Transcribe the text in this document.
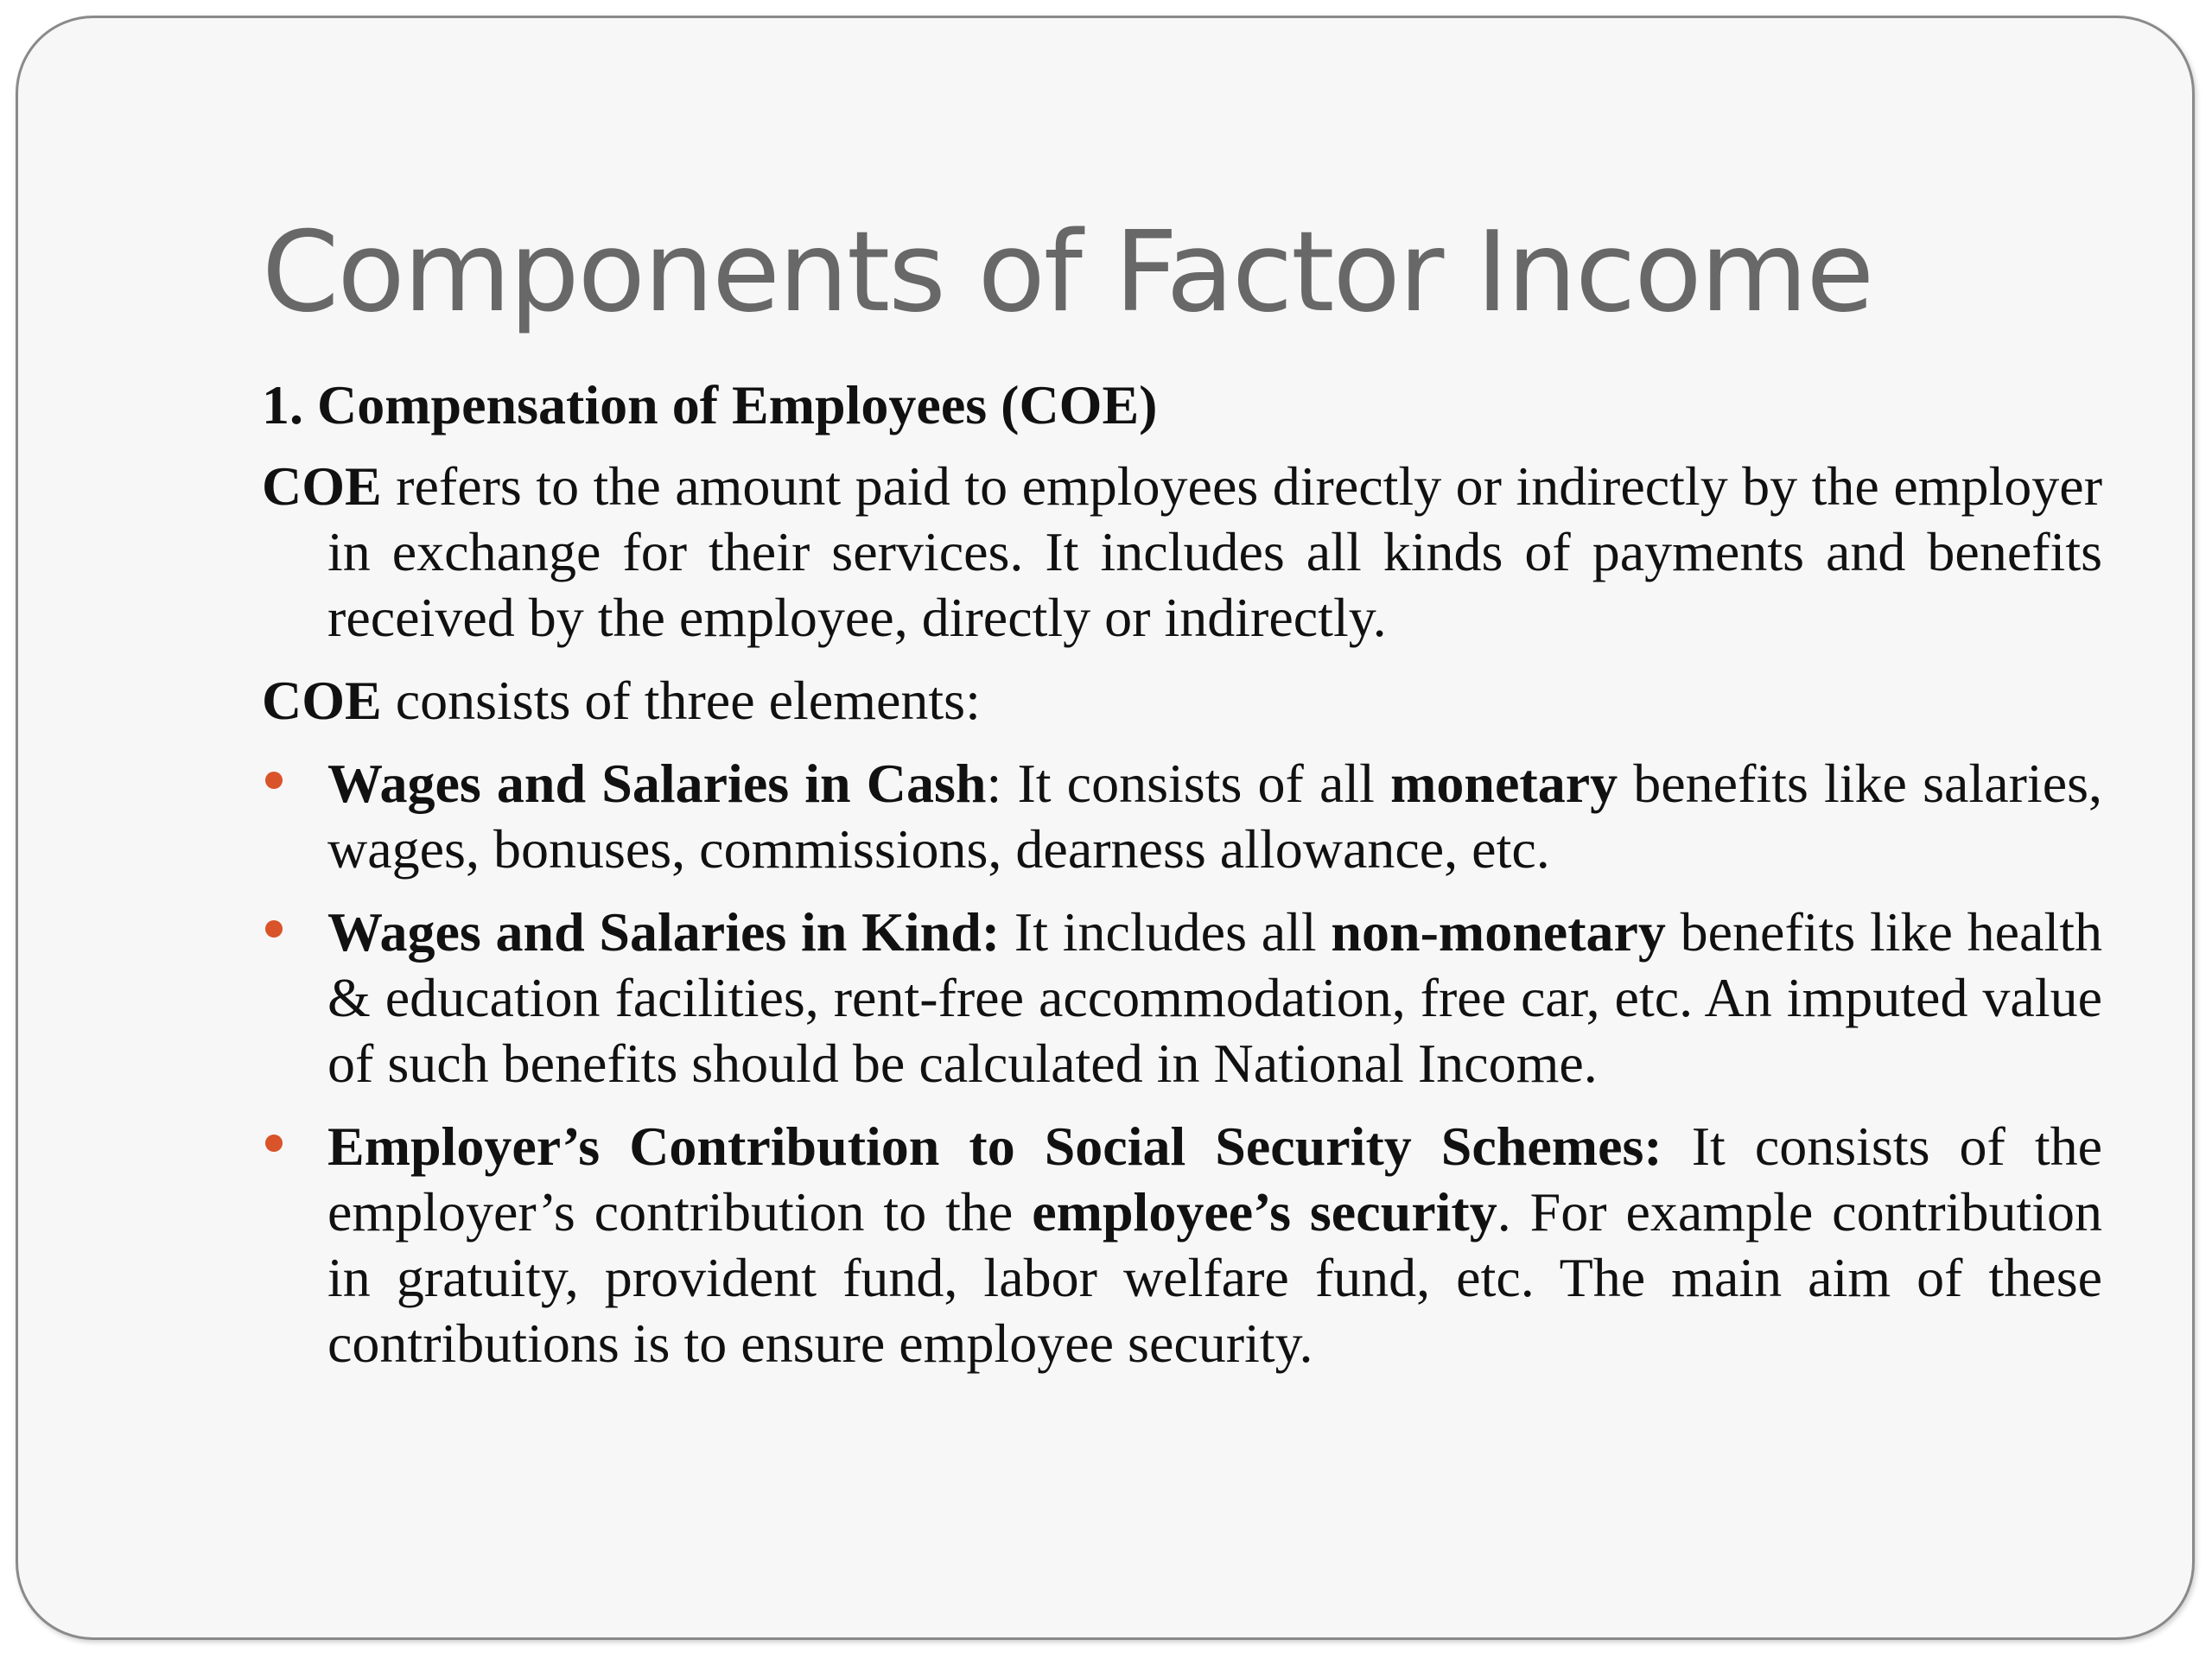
Components of Factor Income
1. Compensation of Employees (COE)

COE refers to the amount paid to employees directly or indirectly by the employer in exchange for their services. It includes all kinds of payments and benefits received by the employee, directly or indirectly.

COE consists of three elements:

Wages and Salaries in Cash: It consists of all monetary benefits like salaries, wages, bonuses, commissions, dearness allowance, etc.
Wages and Salaries in Kind: It includes all non-monetary benefits like health & education facilities, rent-free accommodation, free car, etc. An imputed value of such benefits should be calculated in National Income.
Employer’s Contribution to Social Security Schemes: It consists of the employer’s contribution to the employee’s security. For example contribution in gratuity, provident fund, labor welfare fund, etc. The main aim of these contributions is to ensure employee security.
